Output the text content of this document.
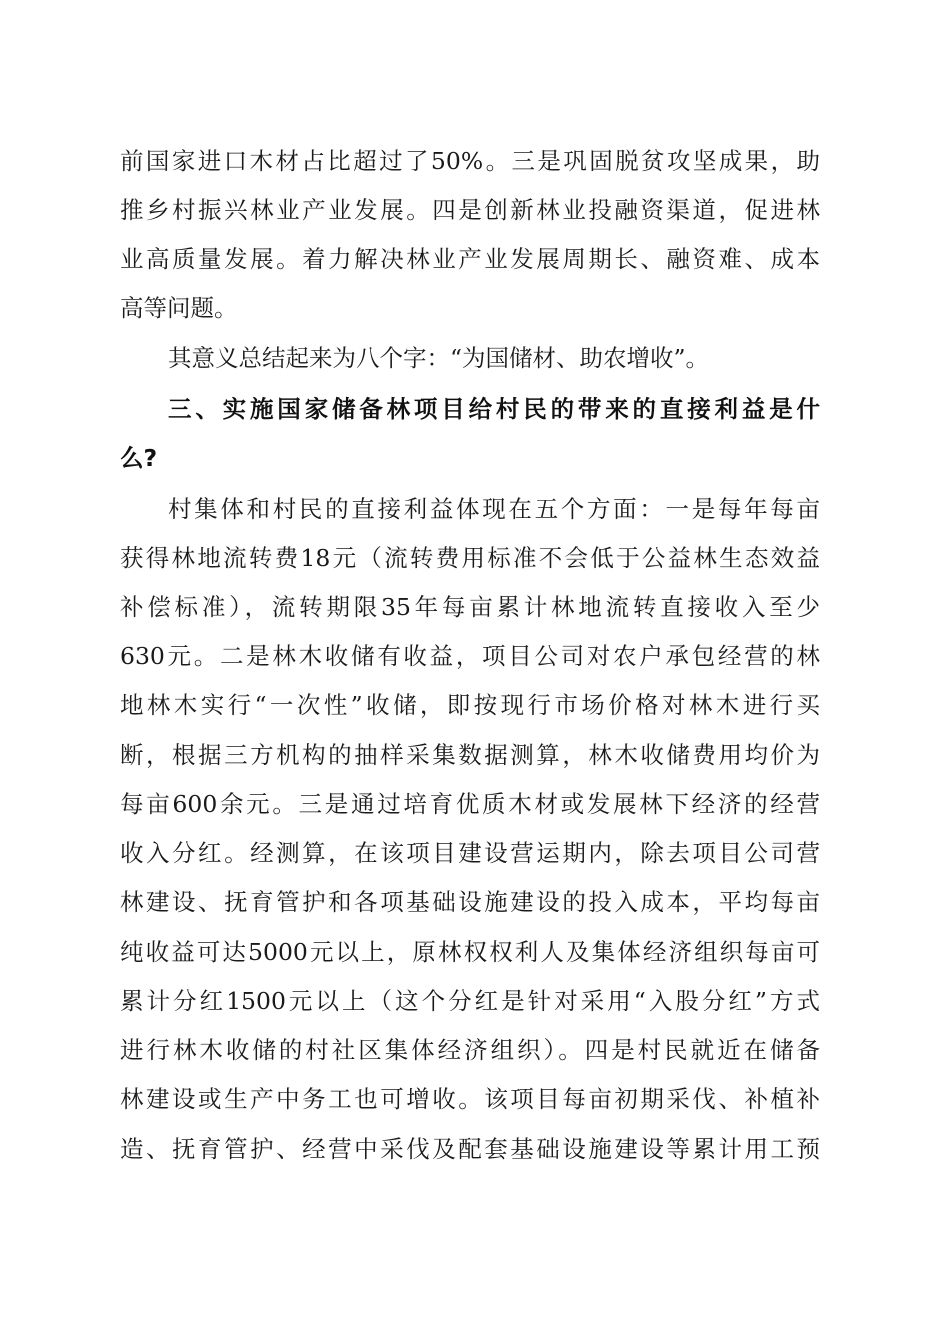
前国家进口木材占比超过了50%。三是巩固脱贫攻坚成果，助
推乡村振兴林业产业发展。四是创新林业投融资渠道，促进林
业高质量发展。着力解决林业产业发展周期长、融资难、成本
高等问题。
其意义总结起来为八个字：“为国储材、助农增收”。
三、实施国家储备林项目给村民的带来的直接利益是什
么?
村集体和村民的直接利益体现在五个方面：一是每年每亩
获得林地流转费18元（流转费用标准不会低于公益林生态效益
补偿标准），流转期限35年每亩累计林地流转直接收入至少
630元。二是林木收储有收益，项目公司对农户承包经营的林
地林木实行“一次性”收储，即按现行市场价格对林木进行买
断，根据三方机构的抽样采集数据测算，林木收储费用均价为
每亩600余元。三是通过培育优质木材或发展林下经济的经营
收入分红。经测算，在该项目建设营运期内，除去项目公司营
林建设、抚育管护和各项基础设施建设的投入成本，平均每亩
纯收益可达5000元以上，原林权权利人及集体经济组织每亩可
累计分红1500元以上（这个分红是针对采用“入股分红”方式
进行林木收储的村社区集体经济组织）。四是村民就近在储备
林建设或生产中务工也可增收。该项目每亩初期采伐、补植补
造、抚育管护、经营中采伐及配套基础设施建设等累计用工预
